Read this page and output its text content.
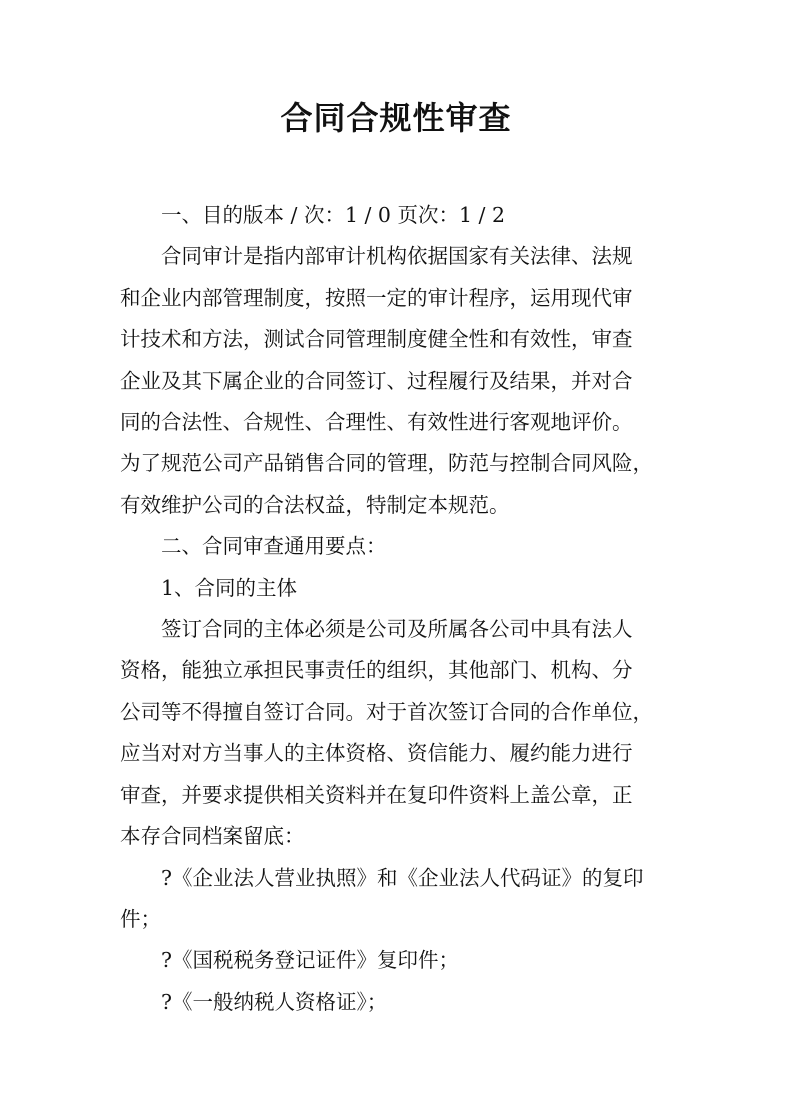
合同合规性审查
一、目的版本 / 次：1 / 0 页次：1 / 2
合同审计是指内部审计机构依据国家有关法律、法规
和企业内部管理制度，按照一定的审计程序，运用现代审
计技术和方法，测试合同管理制度健全性和有效性，审查
企业及其下属企业的合同签订、过程履行及结果，并对合
同的合法性、合规性、合理性、有效性进行客观地评价。
为了规范公司产品销售合同的管理，防范与控制合同风险，
有效维护公司的合法权益，特制定本规范。
二、合同审查通用要点：
1、合同的主体
签订合同的主体必须是公司及所属各公司中具有法人
资格，能独立承担民事责任的组织，其他部门、机构、分
公司等不得擅自签订合同。对于首次签订合同的合作单位，
应当对对方当事人的主体资格、资信能力、履约能力进行
审查，并要求提供相关资料并在复印件资料上盖公章，正
本存合同档案留底：
?《企业法人营业执照》和《企业法人代码证》的复印
件；
?《国税税务登记证件》复印件；
?《一般纳税人资格证》；
